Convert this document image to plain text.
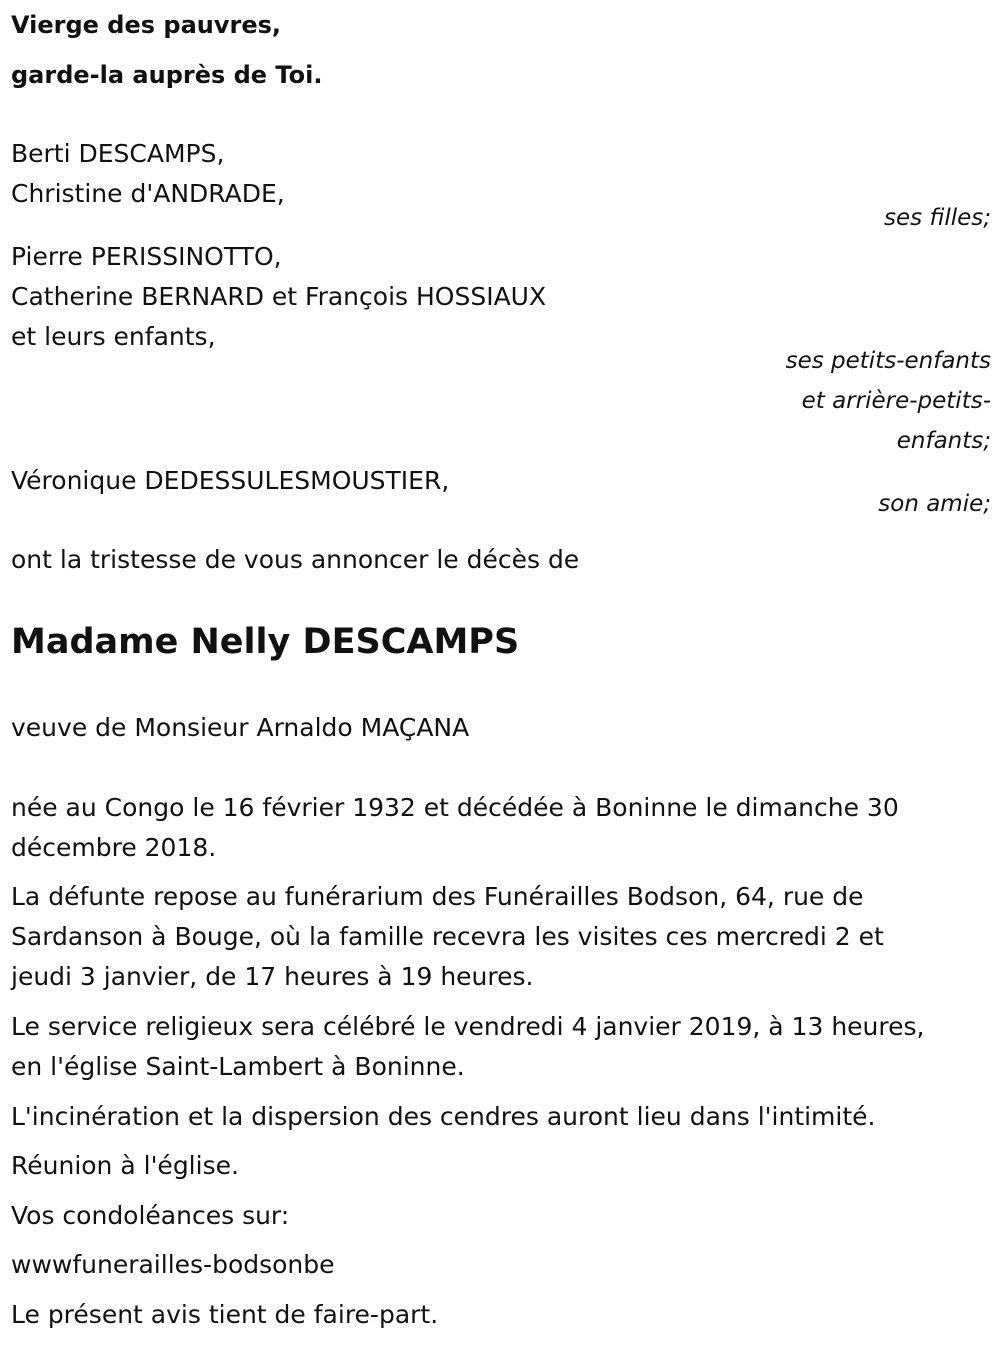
Vierge des pauvres,
garde-la auprès de Toi.
Berti DESCAMPS,
Christine d'ANDRADE,
ses filles;
Pierre PERISSINOTTO,
Catherine BERNARD et François HOSSIAUX
et leurs enfants,
ses petits-enfants
et arrière-petits-
enfants;
Véronique DEDESSULESMOUSTIER,
son amie;
ont la tristesse de vous annoncer le décès de
Madame Nelly DESCAMPS
veuve de Monsieur Arnaldo MAÇANA
née au Congo le 16 février 1932 et décédée à Boninne le dimanche 30
décembre 2018.
La défunte repose au funérarium des Funérailles Bodson, 64, rue de
Sardanson à Bouge, où la famille recevra les visites ces mercredi 2 et
jeudi 3 janvier, de 17 heures à 19 heures.
Le service religieux sera célébré le vendredi 4 janvier 2019, à 13 heures,
en l'église Saint-Lambert à Boninne.
L'incinération et la dispersion des cendres auront lieu dans l'intimité.
Réunion à l'église.
Vos condoléances sur:
wwwfunerailles-bodsonbe
Le présent avis tient de faire-part.
